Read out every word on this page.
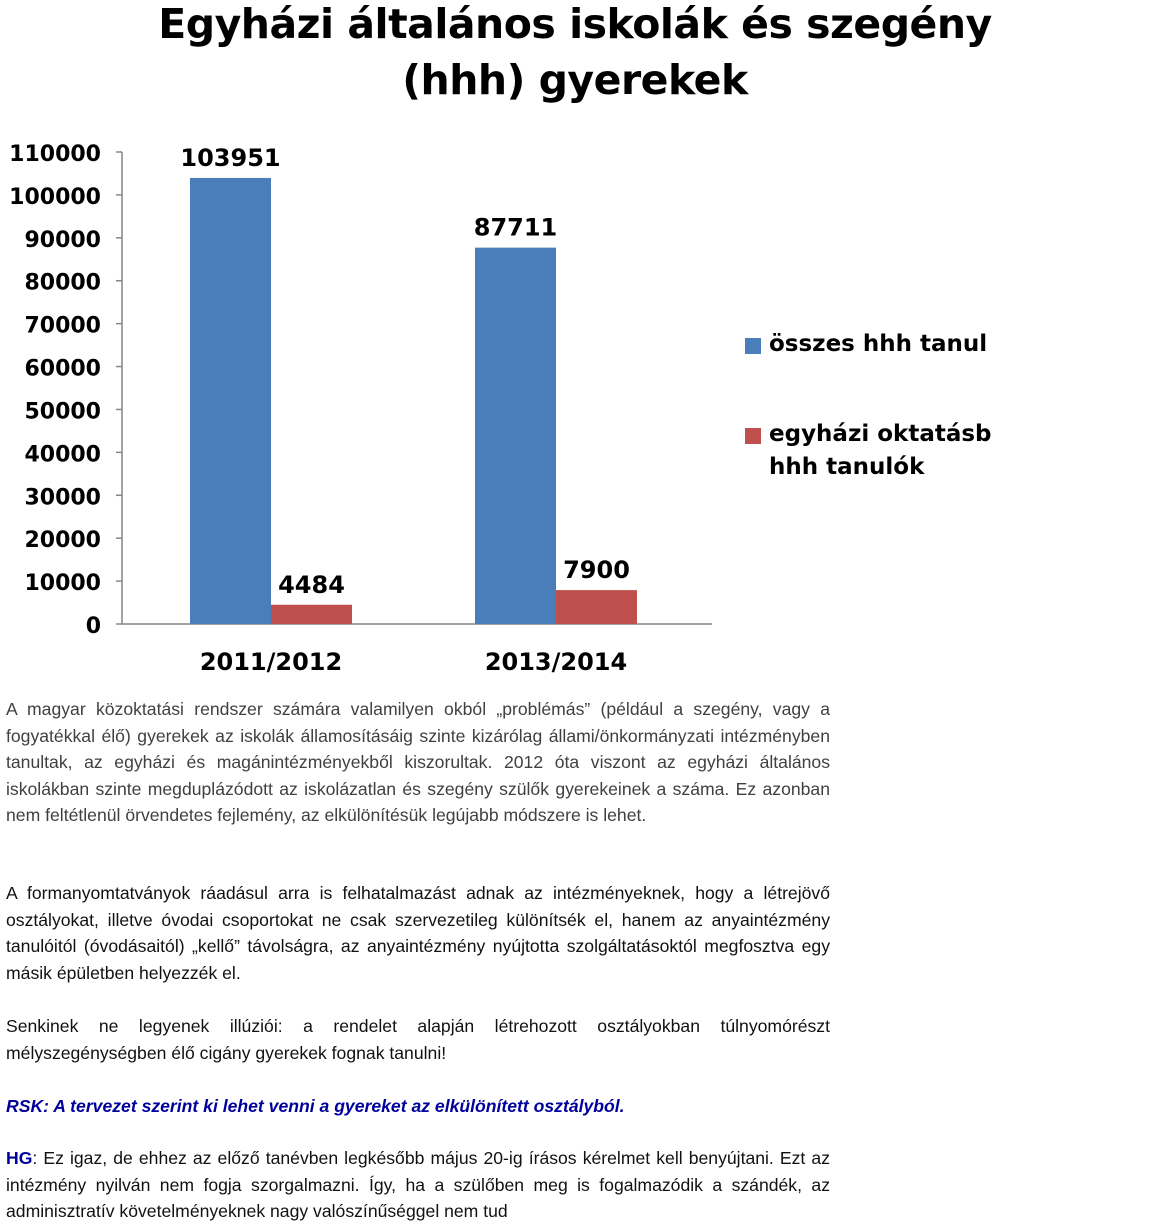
0
10000
20000
30000
40000
50000
60000
70000
80000
90000
100000
110000	103951
4484
87711
7900
2011/2012	2013/2014
Egyházi általános iskolák és szegény
(hhh) gyerekek
összes hhh tanul
egyházi oktatásb
hhh tanulók

A magyar közoktatási rendszer számára valamilyen okból „problémás” (például a szegény, vagy a fogyatékkal élő) gyerekek az iskolák államosításáig szinte kizárólag állami/önkormányzati intézményben tanultak, az egyházi és magánintézményekből kiszorultak. 2012 óta viszont az egyházi általános iskolákban szinte megduplázódott az iskolázatlan és szegény szülők gyerekeinek a száma. Ez azonban nem feltétlenül örvendetes fejlemény, az elkülönítésük legújabb módszere is lehet.

A formanyomtatványok ráadásul arra is felhatalmazást adnak az intézményeknek, hogy a létrejövő osztályokat, illetve óvodai csoportokat ne csak szervezetileg különítsék el, hanem az anyaintézmény tanulóitól (óvodásaitól) „kellő” távolságra, az anyaintézmény nyújtotta szolgáltatásoktól megfosztva egy másik épületben helyezzék el.

Senkinek ne legyenek illúziói: a rendelet alapján létrehozott osztályokban túlnyomórészt mélyszegénységben élő cigány gyerekek fognak tanulni!

RSK: A tervezet szerint ki lehet venni a gyereket az elkülönített osztályból.

HG: Ez igaz, de ehhez az előző tanévben legkésőbb május 20-ig írásos kérelmet kell benyújtani. Ezt az intézmény nyilván nem fogja szorgalmazni. Így, ha a szülőben meg is fogalmazódik a szándék, az adminisztratív követelményeknek nagy valószínűséggel nem tud
